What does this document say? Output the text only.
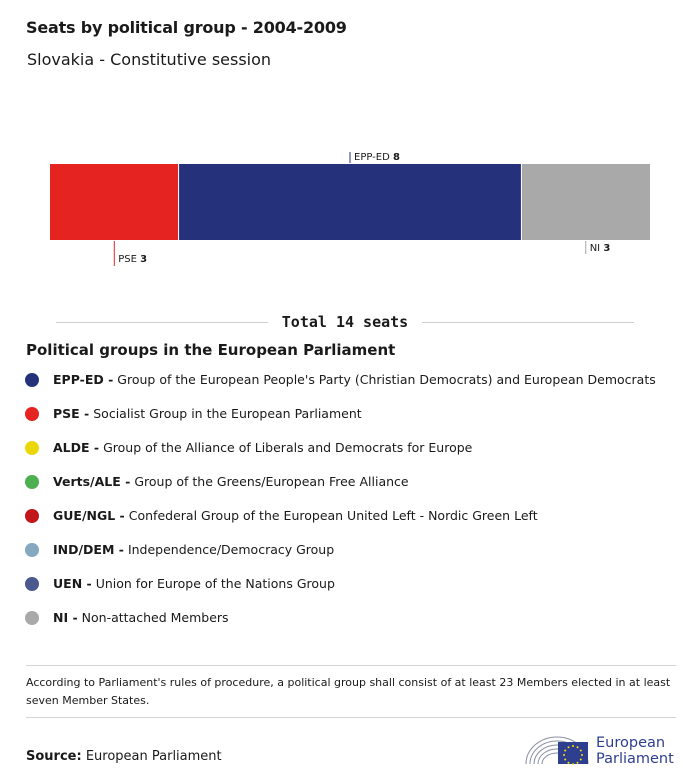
Seats by political group - 2004-2009
Slovakia - Constitutive session
PSE 3
EPP-ED 8
NI 3
Total 14 seats
Political groups in the European Parliament
EPP-ED - Group of the European People's Party (Christian Democrats) and European Democrats
PSE - Socialist Group in the European Parliament
ALDE - Group of the Alliance of Liberals and Democrats for Europe
Verts/ALE - Group of the Greens/European Free Alliance
GUE/NGL - Confederal Group of the European United Left - Nordic Green Left
IND/DEM - Independence/Democracy Group
UEN - Union for Europe of the Nations Group
NI - Non-attached Members
According to Parliament's rules of procedure, a political group shall consist of at least 23 Members elected in at least seven Member States.
Source: European Parliament
European
Parliament
